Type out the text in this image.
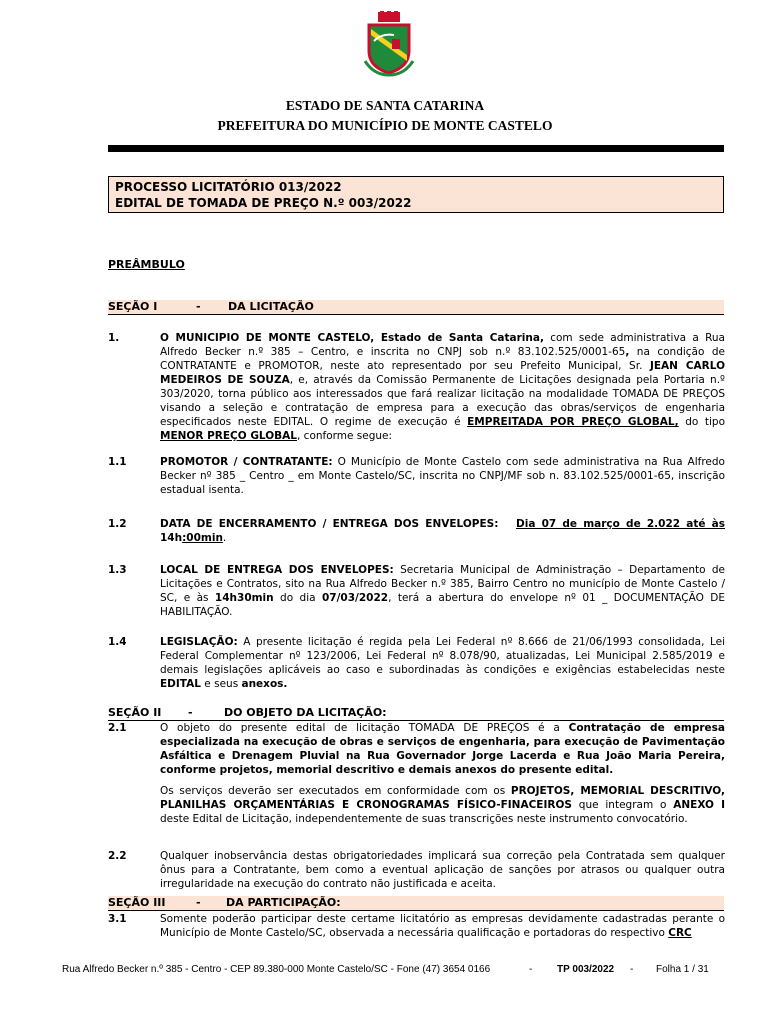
ESTADO DE SANTA CATARINA
PREFEITURA DO MUNICÍPIO DE MONTE CASTELO
PROCESSO LICITATÓRIO 013/2022
EDITAL DE TOMADA DE PREÇO N.º 003/2022
PREÂMBULO
SEÇÃO I	- DA LICITAÇÃO
1.	O MUNICIPIO DE MONTE CASTELO, Estado de Santa Catarina, com sede administrativa a Rua Alfredo Becker n.º 385 – Centro, e inscrita no CNPJ sob n.º 83.102.525/0001-65, na condição de CONTRATANTE e PROMOTOR, neste ato representado por seu Prefeito Municipal, Sr. JEAN CARLO MEDEIROS DE SOUZA, e, através da Comissão Permanente de Licitações designada pela Portaria n.º 303/2020, torna público aos interessados que fará realizar licitação na modalidade TOMADA DE PREÇOS visando a seleção e contratação de empresa para a execução das obras/serviços de engenharia especificados neste EDITAL. O regime de execução é EMPREITADA POR PREÇO GLOBAL, do tipo MENOR PREÇO GLOBAL, conforme segue:
1.1	PROMOTOR / CONTRATANTE: O Município de Monte Castelo com sede administrativa na Rua Alfredo Becker nº 385 _ Centro _ em Monte Castelo/SC, inscrita no CNPJ/MF sob n. 83.102.525/0001-65, inscrição estadual isenta.
1.2	DATA DE ENCERRAMENTO / ENTREGA DOS ENVELOPES: Dia 07 de março de 2.022 até às 14h:00min.
1.3	LOCAL DE ENTREGA DOS ENVELOPES: Secretaria Municipal de Administração – Departamento de Licitações e Contratos, sito na Rua Alfredo Becker n.º 385, Bairro Centro no município de Monte Castelo / SC, e às 14h30min do dia 07/03/2022, terá a abertura do envelope nº 01 _ DOCUMENTAÇÃO DE HABILITAÇÃO.
1.4	LEGISLAÇÃO: A presente licitação é regida pela Lei Federal nº 8.666 de 21/06/1993 consolidada, Lei Federal Complementar nº 123/2006, Lei Federal nº 8.078/90, atualizadas, Lei Municipal 2.585/2019 e demais legislações aplicáveis ao caso e subordinadas às condições e exigências estabelecidas neste EDITAL e seus anexos.
SEÇÃO II -	DO OBJETO DA LICITAÇÃO:
2.1	O objeto do presente edital de licitação TOMADA DE PREÇOS é a Contratação de empresa especializada na execução de obras e serviços de engenharia, para execução de Pavimentação Asfáltica e Drenagem Pluvial na Rua Governador Jorge Lacerda e Rua João Maria Pereira, conforme projetos, memorial descritivo e demais anexos do presente edital.
Os serviços deverão ser executados em conformidade com os PROJETOS, MEMORIAL DESCRITIVO, PLANILHAS ORÇAMENTÁRIAS E CRONOGRAMAS FÍSICO-FINACEIROS que integram o ANEXO I deste Edital de Licitação, independentemente de suas transcrições neste instrumento convocatório.
2.2	Qualquer inobservância destas obrigatoriedades implicará sua correção pela Contratada sem qualquer ônus para a Contratante, bem como a eventual aplicação de sanções por atrasos ou qualquer outra irregularidade na execução do contrato não justificada e aceita.
SEÇÃO III	- DA PARTICIPAÇÃO:
3.1	Somente poderão participar deste certame licitatório as empresas devidamente cadastradas perante o Município de Monte Castelo/SC, observada a necessária qualificação e portadoras do respectivo CRC
Rua Alfredo Becker n.º 385 - Centro - CEP 89.380-000 Monte Castelo/SC - Fone (47) 3654 0166	- TP 003/2022 - Folha 1 / 31
